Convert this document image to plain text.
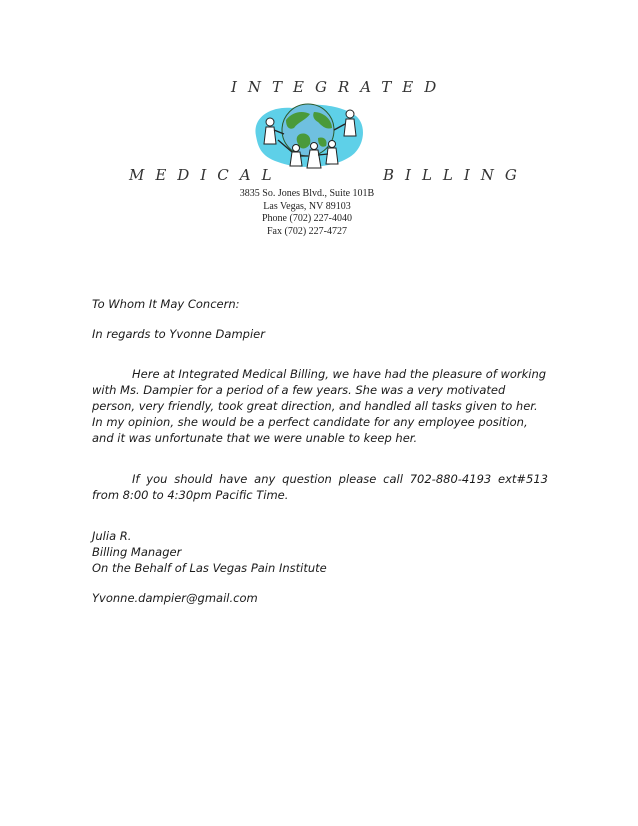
INTEGRATED
MEDICAL	BILLING
3835 So. Jones Blvd., Suite 101B
Las Vegas, NV 89103
Phone (702) 227-4040
Fax (702) 227-4727

To Whom It May Concern:

In regards to Yvonne Dampier

Here at Integrated Medical Billing, we have had the pleasure of working with Ms. Dampier for a period of a few years. She was a very motivated person, very friendly, took great direction, and handled all tasks given to her. In my opinion, she would be a perfect candidate for any employee position, and it was unfortunate that we were unable to keep her.

If you should have any question please call 702-880-4193 ext#513 from 8:00 to 4:30pm Pacific Time.

Julia R.

Billing Manager

On the Behalf of Las Vegas Pain Institute

Yvonne.dampier@gmail.com
